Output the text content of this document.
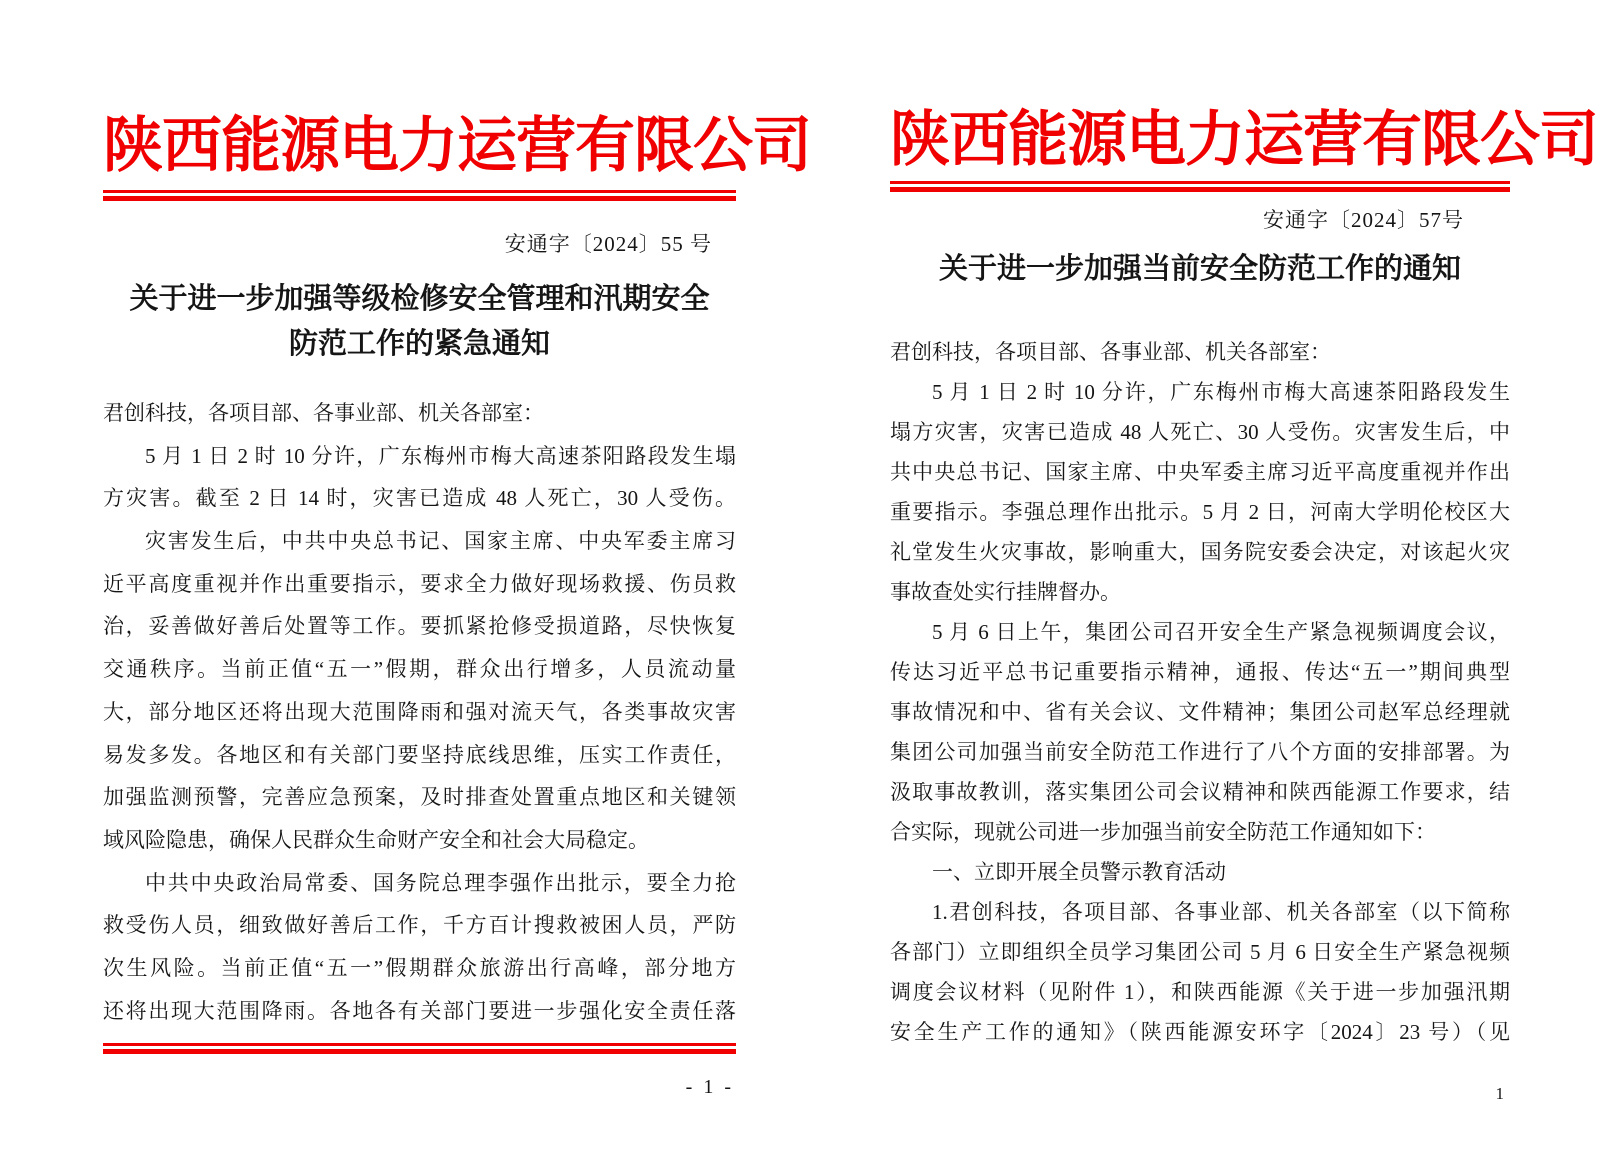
陕西能源电力运营有限公司
安通字〔2024〕55 号
关于进一步加强等级检修安全管理和汛期安全
防范工作的紧急通知
君创科技，各项目部、各事业部、机关各部室：
5 月 1 日 2 时 10 分许，广东梅州市梅大高速茶阳路段发生塌
方灾害。截至 2 日 14 时，灾害已造成 48 人死亡，30 人受伤。
灾害发生后，中共中央总书记、国家主席、中央军委主席习
近平高度重视并作出重要指示，要求全力做好现场救援、伤员救
治，妥善做好善后处置等工作。要抓紧抢修受损道路，尽快恢复
交通秩序。当前正值“五一”假期，群众出行增多，人员流动量
大，部分地区还将出现大范围降雨和强对流天气，各类事故灾害
易发多发。各地区和有关部门要坚持底线思维，压实工作责任，
加强监测预警，完善应急预案，及时排查处置重点地区和关键领
域风险隐患，确保人民群众生命财产安全和社会大局稳定。
中共中央政治局常委、国务院总理李强作出批示，要全力抢
救受伤人员，细致做好善后工作，千方百计搜救被困人员，严防
次生风险。当前正值“五一”假期群众旅游出行高峰，部分地方
还将出现大范围降雨。各地各有关部门要进一步强化安全责任落
- 1 -
陕西能源电力运营有限公司
安通字〔2024〕57号
关于进一步加强当前安全防范工作的通知
君创科技，各项目部、各事业部、机关各部室：
5 月 1 日 2 时 10 分许，广东梅州市梅大高速茶阳路段发生
塌方灾害，灾害已造成 48 人死亡、30 人受伤。灾害发生后，中
共中央总书记、国家主席、中央军委主席习近平高度重视并作出
重要指示。李强总理作出批示。5 月 2 日，河南大学明伦校区大
礼堂发生火灾事故，影响重大，国务院安委会决定，对该起火灾
事故查处实行挂牌督办。
5 月 6 日上午，集团公司召开安全生产紧急视频调度会议，
传达习近平总书记重要指示精神，通报、传达“五一”期间典型
事故情况和中、省有关会议、文件精神；集团公司赵军总经理就
集团公司加强当前安全防范工作进行了八个方面的安排部署。为
汲取事故教训，落实集团公司会议精神和陕西能源工作要求，结
合实际，现就公司进一步加强当前安全防范工作通知如下：
一、立即开展全员警示教育活动
1.君创科技，各项目部、各事业部、机关各部室（以下简称
各部门）立即组织全员学习集团公司 5 月 6 日安全生产紧急视频
调度会议材料（见附件 1），和陕西能源《关于进一步加强汛期
安全生产工作的通知》（陕西能源安环字〔2024〕23 号）（见
1
